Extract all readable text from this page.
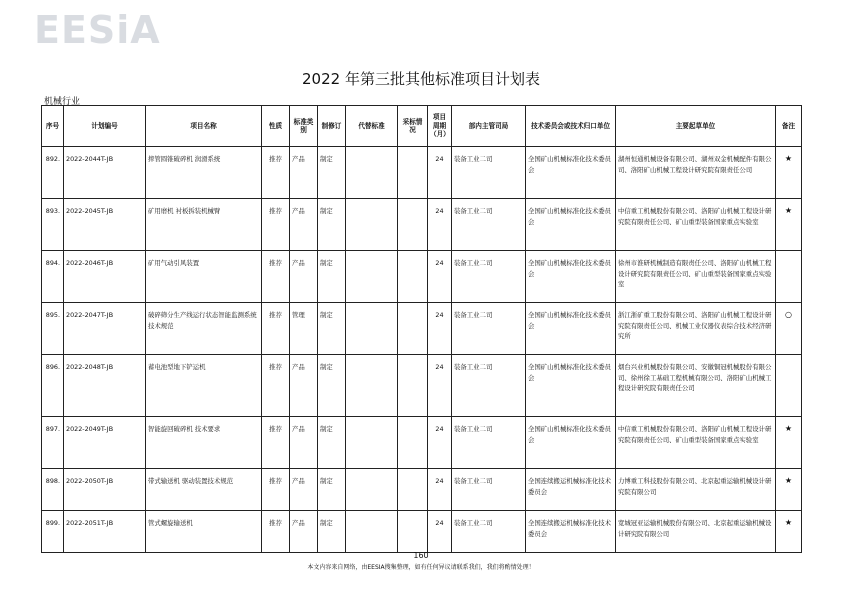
EESiA
2022 年第三批其他标准项目计划表
机械行业
序号	计划编号	项目名称	性质	标准类别	制修订	代替标准	采标情况	项目周期（月）	部内主管司局	技术委员会或技术归口单位	主要起草单位	备注
892.	2022-2044T-JB	摔管圆锥破碎机 润滑系统	推荐	产品	制定			24	装备工业二司	全国矿山机械标准化技术委员会	湖州恒通机械设备有限公司、湖州双金机械配件有限公司、洛阳矿山机械工程设计研究院有限责任公司	★
893.	2022-2045T-JB	矿用磨机 衬板拆装机械臂	推荐	产品	制定			24	装备工业二司	全国矿山机械标准化技术委员会	中信重工机械股份有限公司、洛阳矿山机械工程设计研究院有限责任公司、矿山重型装备国家重点实验室	★
894.	2022-2046T-JB	矿用气动引风装置	推荐	产品	制定			24	装备工业二司	全国矿山机械标准化技术委员会	徐州市淮研机械制造有限责任公司、洛阳矿山机械工程设计研究院有限责任公司、矿山重型装备国家重点实验室	
895.	2022-2047T-JB	破碎筛分生产线运行状态智能监测系统 技术规范	推荐	管理	制定			24	装备工业二司	全国矿山机械标准化技术委员会	浙江浙矿重工股份有限公司、洛阳矿山机械工程设计研究院有限责任公司、机械工业仪器仪表综合技术经济研究所	○
896.	2022-2048T-JB	蓄电池型地下铲运机	推荐	产品	制定			24	装备工业二司	全国矿山机械标准化技术委员会	烟台兴业机械股份有限公司、安徽铜冠机械股份有限公司、徐州徐工基础工程机械有限公司、洛阳矿山机械工程设计研究院有限责任公司	
897.	2022-2049T-JB	智能旋回破碎机 技术要求	推荐	产品	制定			24	装备工业二司	全国矿山机械标准化技术委员会	中信重工机械股份有限公司、洛阳矿山机械工程设计研究院有限责任公司、矿山重型装备国家重点实验室	★
898.	2022-2050T-JB	带式输送机 驱动装置技术规范	推荐	产品	制定			24	装备工业二司	全国连续搬运机械标准化技术委员会	力博重工科技股份有限公司、北京起重运输机械设计研究院有限公司	★
899.	2022-2051T-JB	管式螺旋输送机	推荐	产品	制定			24	装备工业二司	全国连续搬运机械标准化技术委员会	宽城冠亚运输机械股份有限公司、北京起重运输机械设计研究院有限公司	★
160
本文内容来自网络，由EESIA搜集整理，如有任何异议请联系我们，我们将酌情处理！
